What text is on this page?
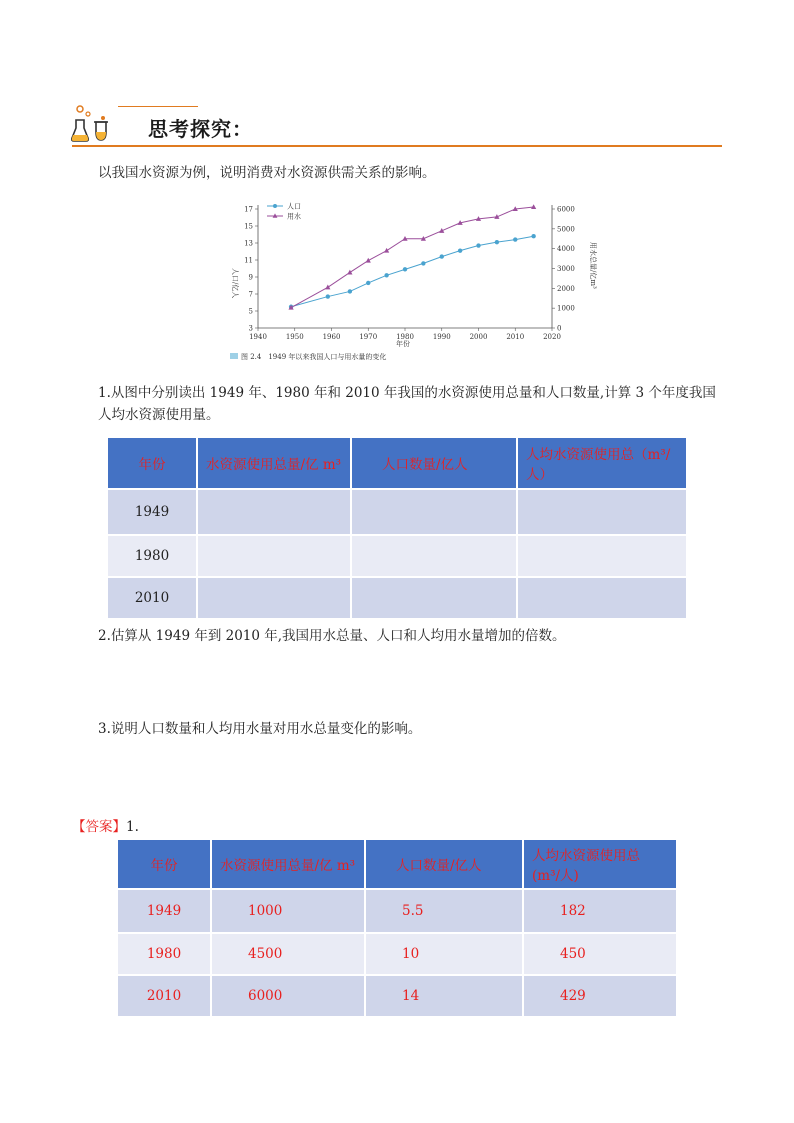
思考探究：
以我国水资源为例，说明消费对水资源供需关系的影响。
1940	1950	1960	1970	1980	1990	2000	2010	2020
3
5
7
9
11
13
15
17
0
1000
2000
3000
4000
5000
6000
人口
用水
年份
人口/亿人	用水总量/亿m³
图 2.4　1949 年以来我国人口与用水量的变化
1.从图中分别读出 1949 年、1980 年和 2010 年我国的水资源使用总量和人口数量,计算 3 个年度我国人均水资源使用量。
年份	水资源使用总量/亿 m³	人口数量/亿人	人均水资源使用总（m³/人）
1949			
1980			
2010			
2.估算从 1949 年到 2010 年,我国用水总量、人口和人均用水量增加的倍数。
3.说明人口数量和人均用水量对用水总量变化的影响。
【答案】1.
年份	水资源使用总量/亿 m³	人口数量/亿人	人均水资源使用总(m³/人)
1949	1000	5.5	182
1980	4500	10	450
2010	6000	14	429
